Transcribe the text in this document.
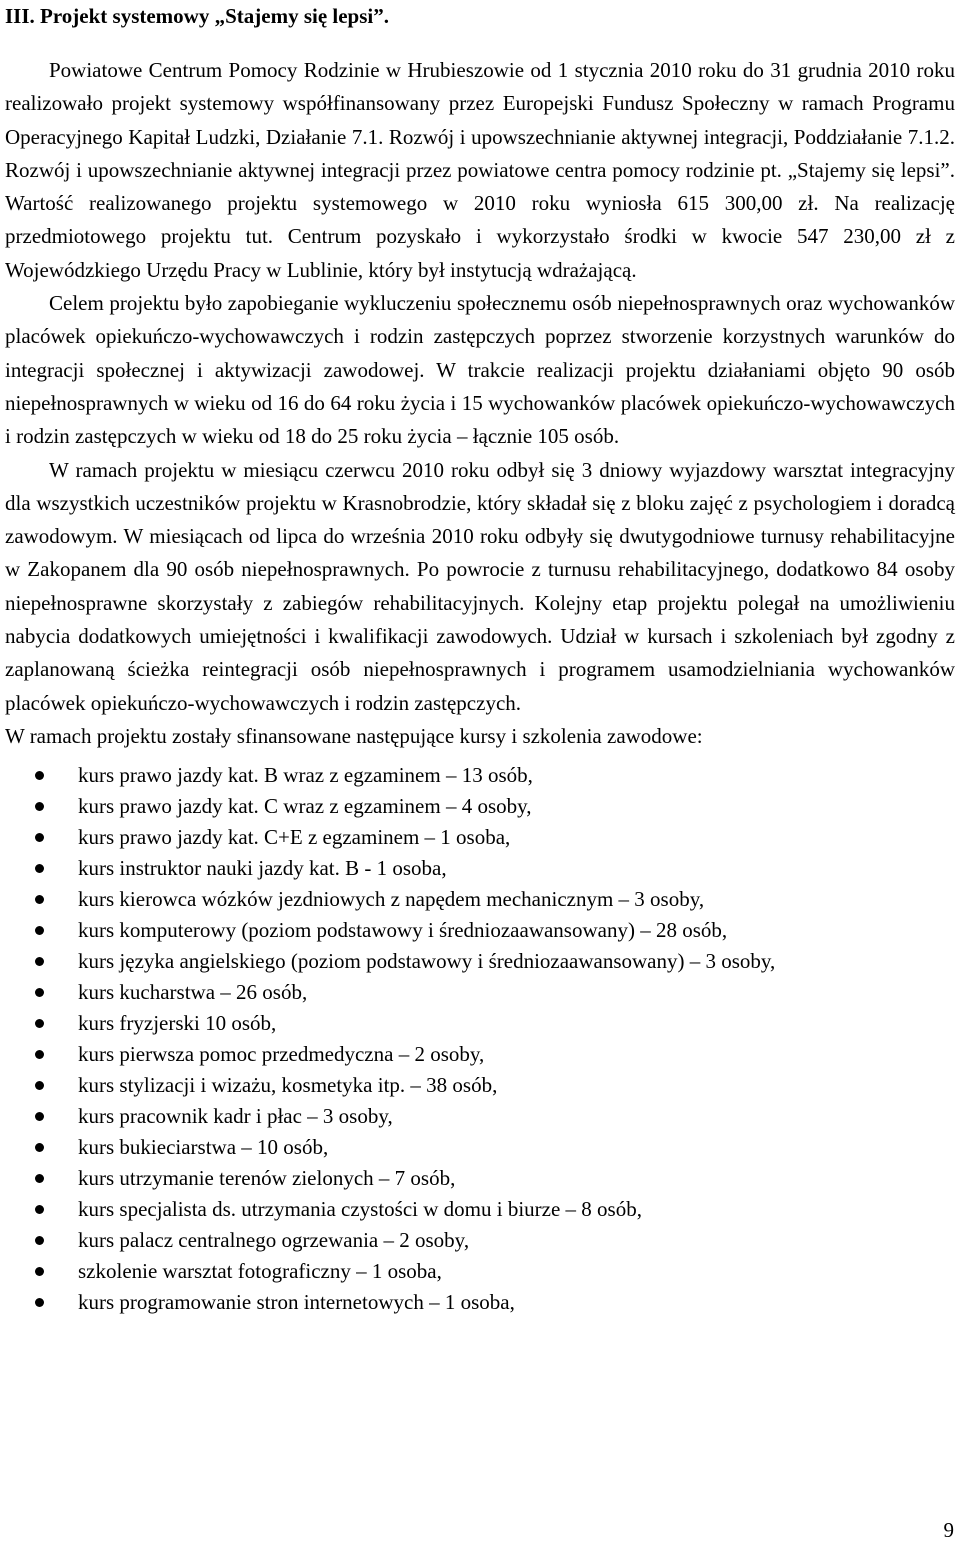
III. Projekt systemowy „Stajemy się lepsi”.

Powiatowe Centrum Pomocy Rodzinie w Hrubieszowie od 1 stycznia 2010 roku do 31 grudnia 2010 roku realizowało projekt systemowy współfinansowany przez Europejski Fundusz Społeczny w ramach Programu Operacyjnego Kapitał Ludzki, Działanie 7.1. Rozwój i upowszechnianie aktywnej integracji, Poddziałanie 7.1.2. Rozwój i upowszechnianie aktywnej integracji przez powiatowe centra pomocy rodzinie pt. „Stajemy się lepsi”. Wartość realizowanego projektu systemowego w 2010 roku wyniosła 615 300,00 zł. Na realizację przedmiotowego projektu tut. Centrum pozyskało i wykorzystało środki w kwocie 547 230,00 zł z Wojewódzkiego Urzędu Pracy w Lublinie, który był instytucją wdrażającą.

Celem projektu było zapobieganie wykluczeniu społecznemu osób niepełnosprawnych oraz wychowanków placówek opiekuńczo-wychowawczych i rodzin zastępczych poprzez stworzenie korzystnych warunków do integracji społecznej i aktywizacji zawodowej. W trakcie realizacji projektu działaniami objęto 90 osób niepełnosprawnych w wieku od 16 do 64 roku życia i 15 wychowanków placówek opiekuńczo-wychowawczych i rodzin zastępczych w wieku od 18 do 25 roku życia – łącznie 105 osób.

W ramach projektu w miesiącu czerwcu 2010 roku odbył się 3 dniowy wyjazdowy warsztat integracyjny dla wszystkich uczestników projektu w Krasnobrodzie, który składał się z bloku zajęć z psychologiem i doradcą zawodowym. W miesiącach od lipca do września 2010 roku odbyły się dwutygodniowe turnusy rehabilitacyjne w Zakopanem dla 90 osób niepełnosprawnych. Po powrocie z turnusu rehabilitacyjnego, dodatkowo 84 osoby niepełnosprawne skorzystały z zabiegów rehabilitacyjnych. Kolejny etap projektu polegał na umożliwieniu nabycia dodatkowych umiejętności i kwalifikacji zawodowych. Udział w kursach i szkoleniach był zgodny z zaplanowaną ścieżka reintegracji osób niepełnosprawnych i programem usamodzielniania wychowanków placówek opiekuńczo-wychowawczych i rodzin zastępczych.

W ramach projektu zostały sfinansowane następujące kursy i szkolenia zawodowe:

kurs prawo jazdy kat. B wraz z egzaminem – 13 osób,
kurs prawo jazdy kat. C wraz z egzaminem – 4 osoby,
kurs prawo jazdy kat. C+E z egzaminem – 1 osoba,
kurs instruktor nauki jazdy kat. B - 1 osoba,
kurs kierowca wózków jezdniowych z napędem mechanicznym – 3 osoby,
kurs komputerowy (poziom podstawowy i średniozaawansowany) – 28 osób,
kurs języka angielskiego (poziom podstawowy i średniozaawansowany) – 3 osoby,
kurs kucharstwa – 26 osób,
kurs fryzjerski 10 osób,
kurs pierwsza pomoc przedmedyczna – 2 osoby,
kurs stylizacji i wizażu, kosmetyka itp. – 38 osób,
kurs pracownik kadr i płac – 3 osoby,
kurs bukieciarstwa – 10 osób,
kurs utrzymanie terenów zielonych – 7 osób,
kurs specjalista ds. utrzymania czystości w domu i biurze – 8 osób,
kurs palacz centralnego ogrzewania – 2 osoby,
szkolenie warsztat fotograficzny – 1 osoba,
kurs programowanie stron internetowych – 1 osoba,
9
